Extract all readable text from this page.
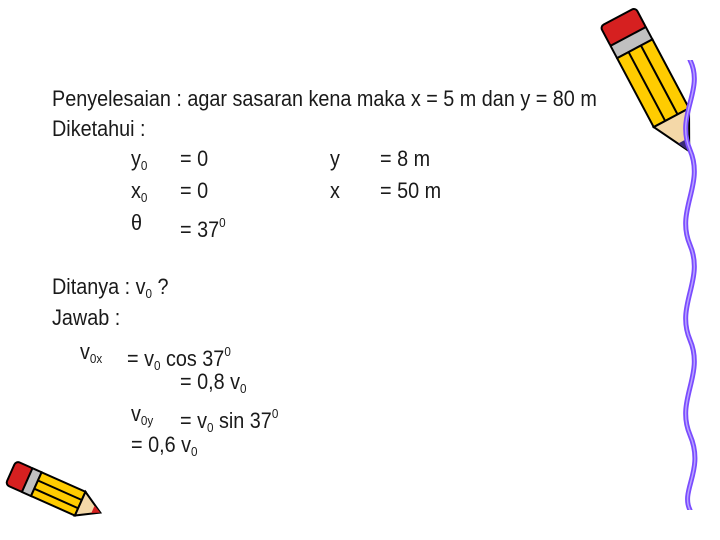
Penyelesaian : agar sasaran kena maka x = 5 m dan y = 80 m
Diketahui :
$y_0 = 0$	y = 8 m
$x_0 = 0$	x = 50 m
$\theta = 37^0$
Ditanya : $v_0$ ?
Jawab :
$v_{0x} = v_0$ $\cos 37^0$
= 0,8 $v_0$
$v_{0y} = v_0$ $\sin 37^0$
= 0,6 $v_0$
